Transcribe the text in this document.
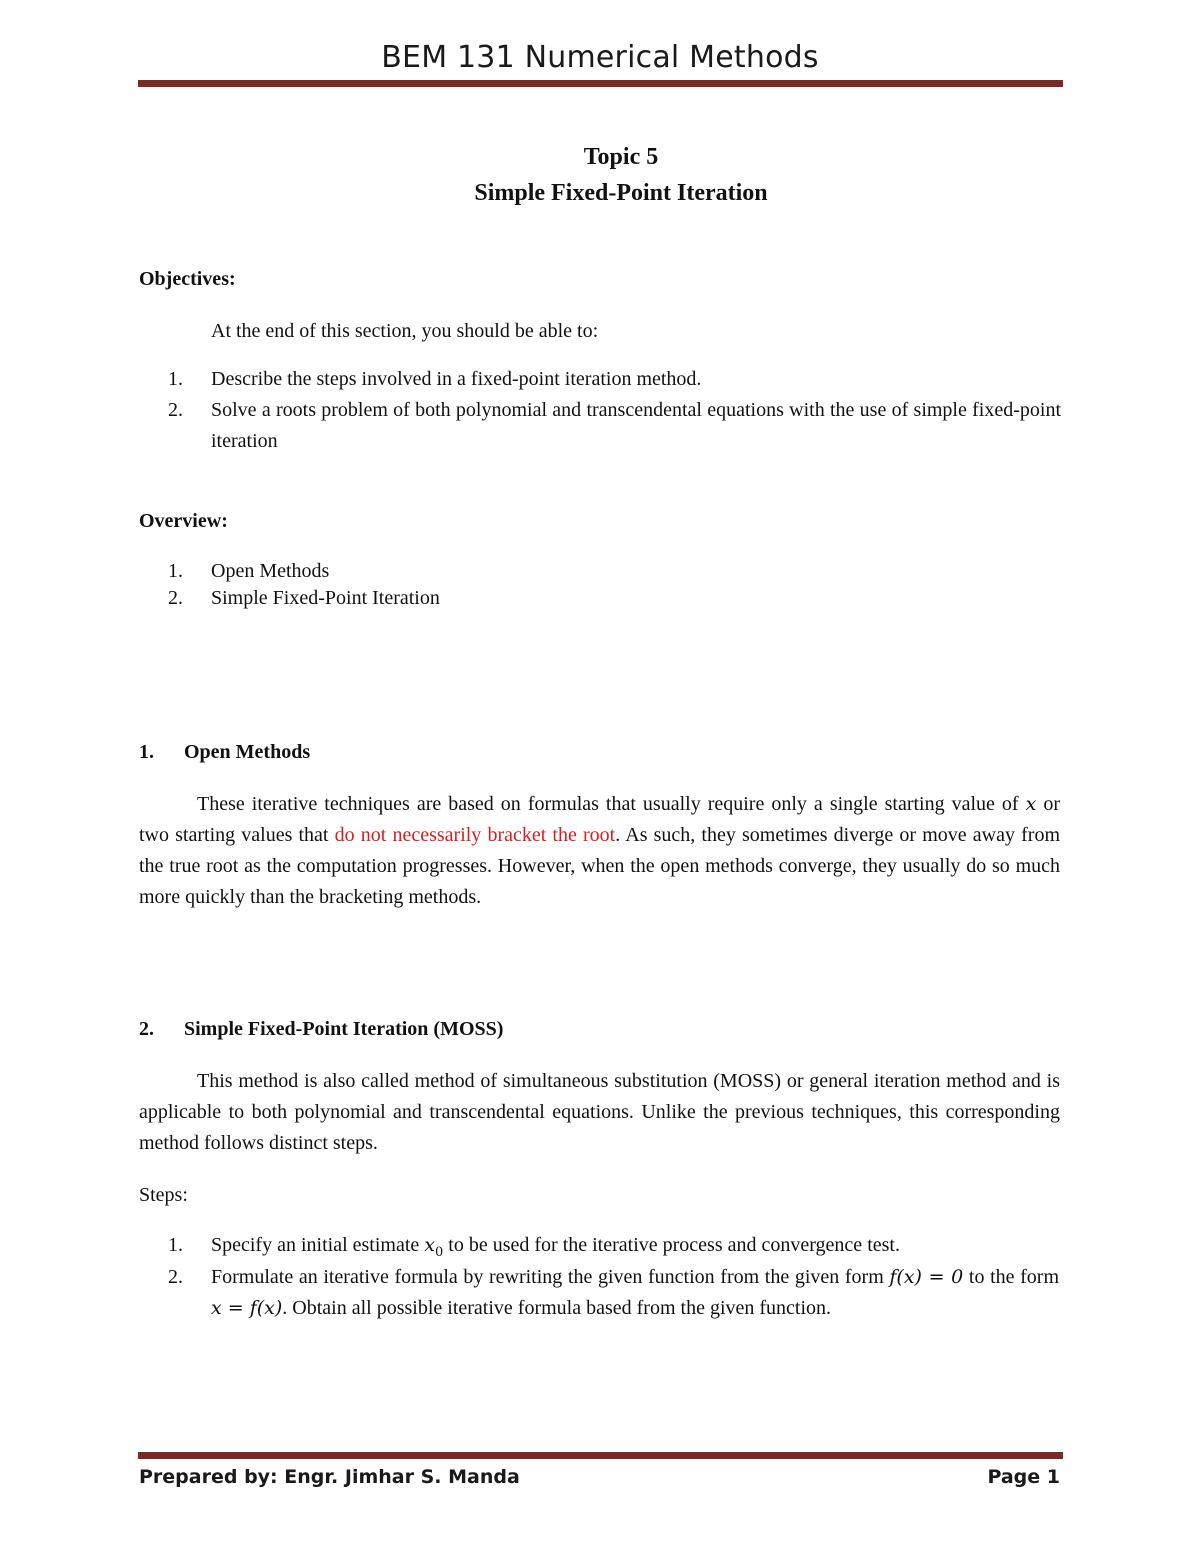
BEM 131 Numerical Methods
Topic 5
Simple Fixed-Point Iteration
Objectives:
At the end of this section, you should be able to:
1. Describe the steps involved in a fixed-point iteration method.
2. Solve a roots problem of both polynomial and transcendental equations with the use of simple fixed-point iteration
Overview:
1. Open Methods
2. Simple Fixed-Point Iteration
1. Open Methods
These iterative techniques are based on formulas that usually require only a single starting value of x or two starting values that do not necessarily bracket the root. As such, they sometimes diverge or move away from the true root as the computation progresses. However, when the open methods converge, they usually do so much more quickly than the bracketing methods.
2. Simple Fixed-Point Iteration (MOSS)
This method is also called method of simultaneous substitution (MOSS) or general iteration method and is applicable to both polynomial and transcendental equations. Unlike the previous techniques, this corresponding method follows distinct steps.
Steps:
1. Specify an initial estimate $x_0$ to be used for the iterative process and convergence test.
2. Formulate an iterative formula by rewriting the given function from the given form f(x) = 0 to the form x = f(x). Obtain all possible iterative formula based from the given function.
Prepared by: Engr. Jimhar S. Manda	Page 1
